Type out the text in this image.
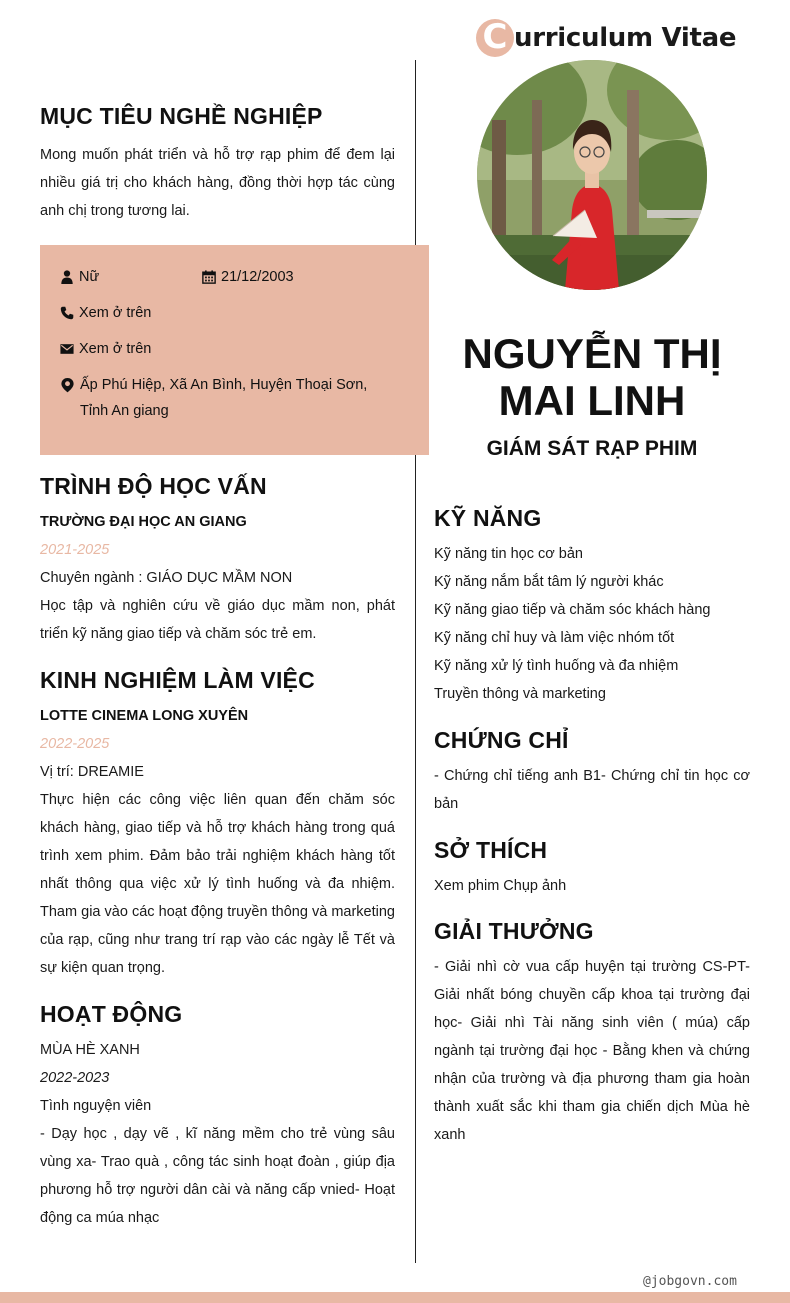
C urriculum Vitae
MỤC TIÊU NGHỀ NGHIỆP

Mong muốn phát triển và hỗ trợ rạp phim để đem lại nhiều giá trị cho khách hàng, đồng thời hợp tác cùng anh chị trong tương lai.

Nữ	21/12/2003
Xem ở trên
Xem ở trên
Ấp Phú Hiệp, Xã An Bình, Huyện Thoại Sơn, Tỉnh An giang
TRÌNH ĐỘ HỌC VẤN

TRƯỜNG ĐẠI HỌC AN GIANG

2021-2025

Chuyên ngành : GIÁO DỤC MẦM NON

Học tập và nghiên cứu về giáo dục mầm non, phát triển kỹ năng giao tiếp và chăm sóc trẻ em.

KINH NGHIỆM LÀM VIỆC

LOTTE CINEMA LONG XUYÊN

2022-2025

Vị trí: DREAMIE

Thực hiện các công việc liên quan đến chăm sóc khách hàng, giao tiếp và hỗ trợ khách hàng trong quá trình xem phim. Đảm bảo trải nghiệm khách hàng tốt nhất thông qua việc xử lý tình huống và đa nhiệm. Tham gia vào các hoạt động truyền thông và marketing của rạp, cũng như trang trí rạp vào các ngày lễ Tết và sự kiện quan trọng.

HOẠT ĐỘNG

MÙA HÈ XANH

2022-2023

Tình nguyện viên

- Dạy học , dạy vẽ , kĩ năng mềm cho trẻ vùng sâu vùng xa- Trao quà , công tác sinh hoạt đoàn , giúp địa phương hỗ trợ người dân cài và năng cấp vnied- Hoạt động ca múa nhạc

NGUYỄN THỊ MAI LINH
GIÁM SÁT RẠP PHIM
KỸ NĂNG
Kỹ năng tin học cơ bản
Kỹ năng nắm bắt tâm lý người khác
Kỹ năng giao tiếp và chăm sóc khách hàng
Kỹ năng chỉ huy và làm việc nhóm tốt
Kỹ năng xử lý tình huống và đa nhiệm
Truyền thông và marketing
CHỨNG CHỈ

- Chứng chỉ tiếng anh B1- Chứng chỉ tin học cơ bản

SỞ THÍCH

Xem phim Chụp ảnh

GIẢI THƯỞNG

- Giải nhì cờ vua cấp huyện tại trường CS-PT- Giải nhất bóng chuyền cấp khoa tại trường đại học- Giải nhì Tài năng sinh viên ( múa) cấp ngành tại trường đại học - Bằng khen và chứng nhận của trường và địa phương tham gia hoàn thành xuất sắc khi tham gia chiến dịch Mùa hè xanh

@jobgovn.com
